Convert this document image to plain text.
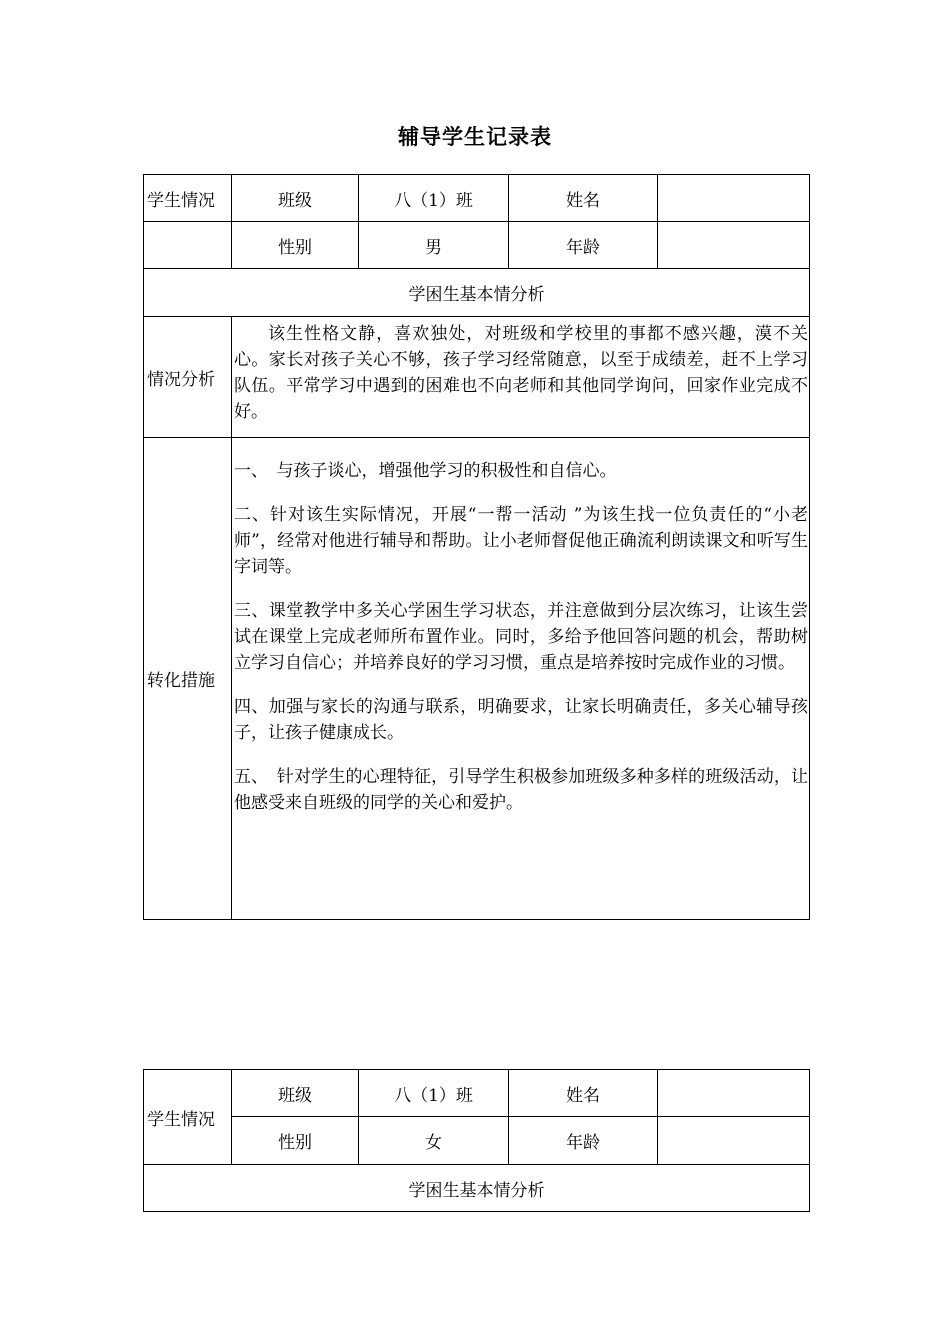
辅导学生记录表
学生情况	班级	八（1）班	姓名	
	性别	男	年龄	
学困生基本情分析				
情况分析	该生性格文静，喜欢独处，对班级和学校里的事都不感兴趣，漠不关心。家长对孩子关心不够，孩子学习经常随意，以至于成绩差，赶不上学习队伍。平常学习中遇到的困难也不向老师和其他同学询问，回家作业完成不好。			

转化措施	一、　与孩子谈心，增强他学习的积极性和自信心。

二、针对该生实际情况，开展“一帮一活动 ”为该生找一位负责任的“小老师”，经常对他进行辅导和帮助。让小老师督促他正确流利朗读课文和听写生字词等。

三、课堂教学中多关心学困生学习状态，并注意做到分层次练习，让该生尝试在课堂上完成老师所布置作业。同时，多给予他回答问题的机会，帮助树立学习自信心；并培养良好的学习习惯，重点是培养按时完成作业的习惯。

四、加强与家长的沟通与联系，明确要求，让家长明确责任，多关心辅导孩子，让孩子健康成长。

五、　针对学生的心理特征，引导学生积极参加班级多种多样的班级活动，让他感受来自班级的同学的关心和爱护。			

学生情况	班级	八（1）班	姓名	
	性别	女	年龄	
学困生基本情分析				
